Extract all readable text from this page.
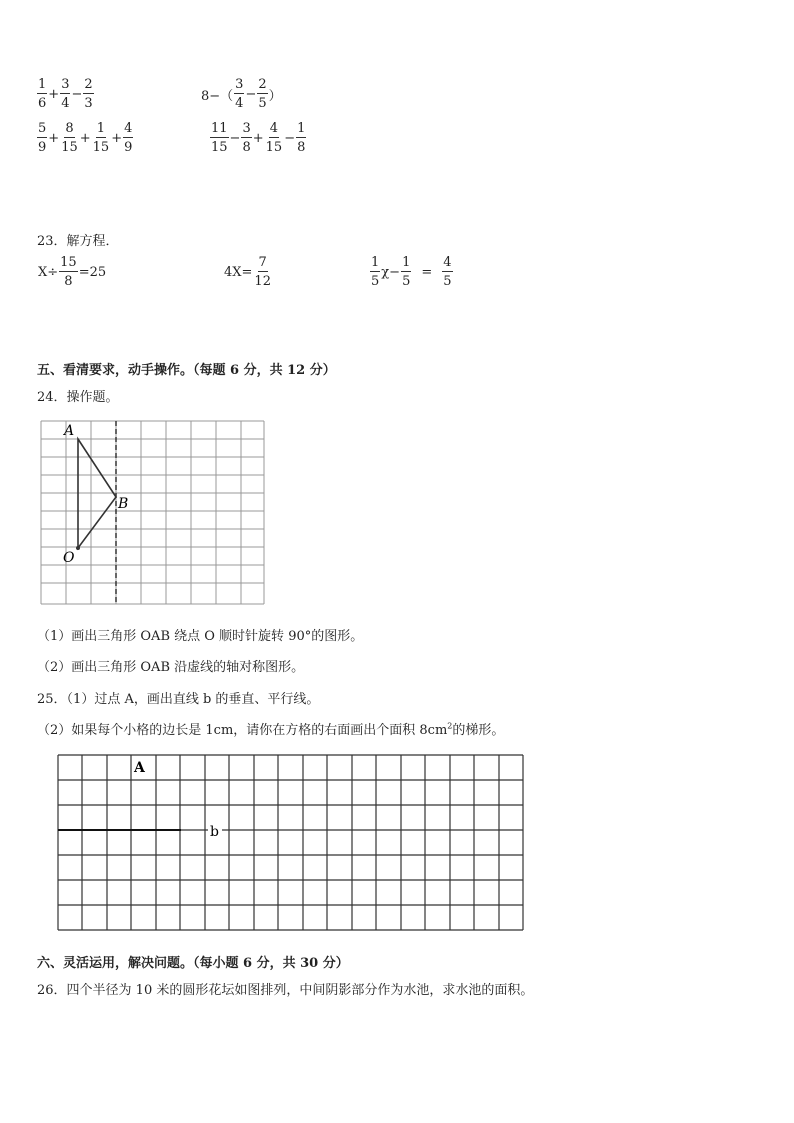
$\frac{1}{6} + \frac{3}{4} - \frac{2}{3}$	$8-( \frac{3}{4} - \frac{2}{5}$ ）
$\frac{5}{9} + \frac{8}{15} + \frac{1}{15} + \frac{4}{9}$	$\frac{11}{15} - \frac{3}{8} + \frac{4}{15} - \frac{1}{8}$
23．解方程．
$X\div \frac{15}{8} =25$	$4X= \frac{7}{12}$	$\frac{1}{5} \chi- \frac{1}{5} = \frac{4}{5}$
五、看清要求，动手操作。（每题 6 分，共 12 分）
24．操作题。
A
B
O
（1）画出三角形 OAB 绕点 O 顺时针旋转 90°的图形。
（2）画出三角形 OAB 沿虚线的轴对称图形。
25．（1）过点 A，画出直线 b 的垂直、平行线。
（2）如果每个小格的边长是 1cm，请你在方格的右面画出个面积 $8cm^2$的梯形。
A
b
六、灵活运用，解决问题。（每小题 6 分，共 30 分）
26．四个半径为 10 米的圆形花坛如图排列，中间阴影部分作为水池，求水池的面积。
